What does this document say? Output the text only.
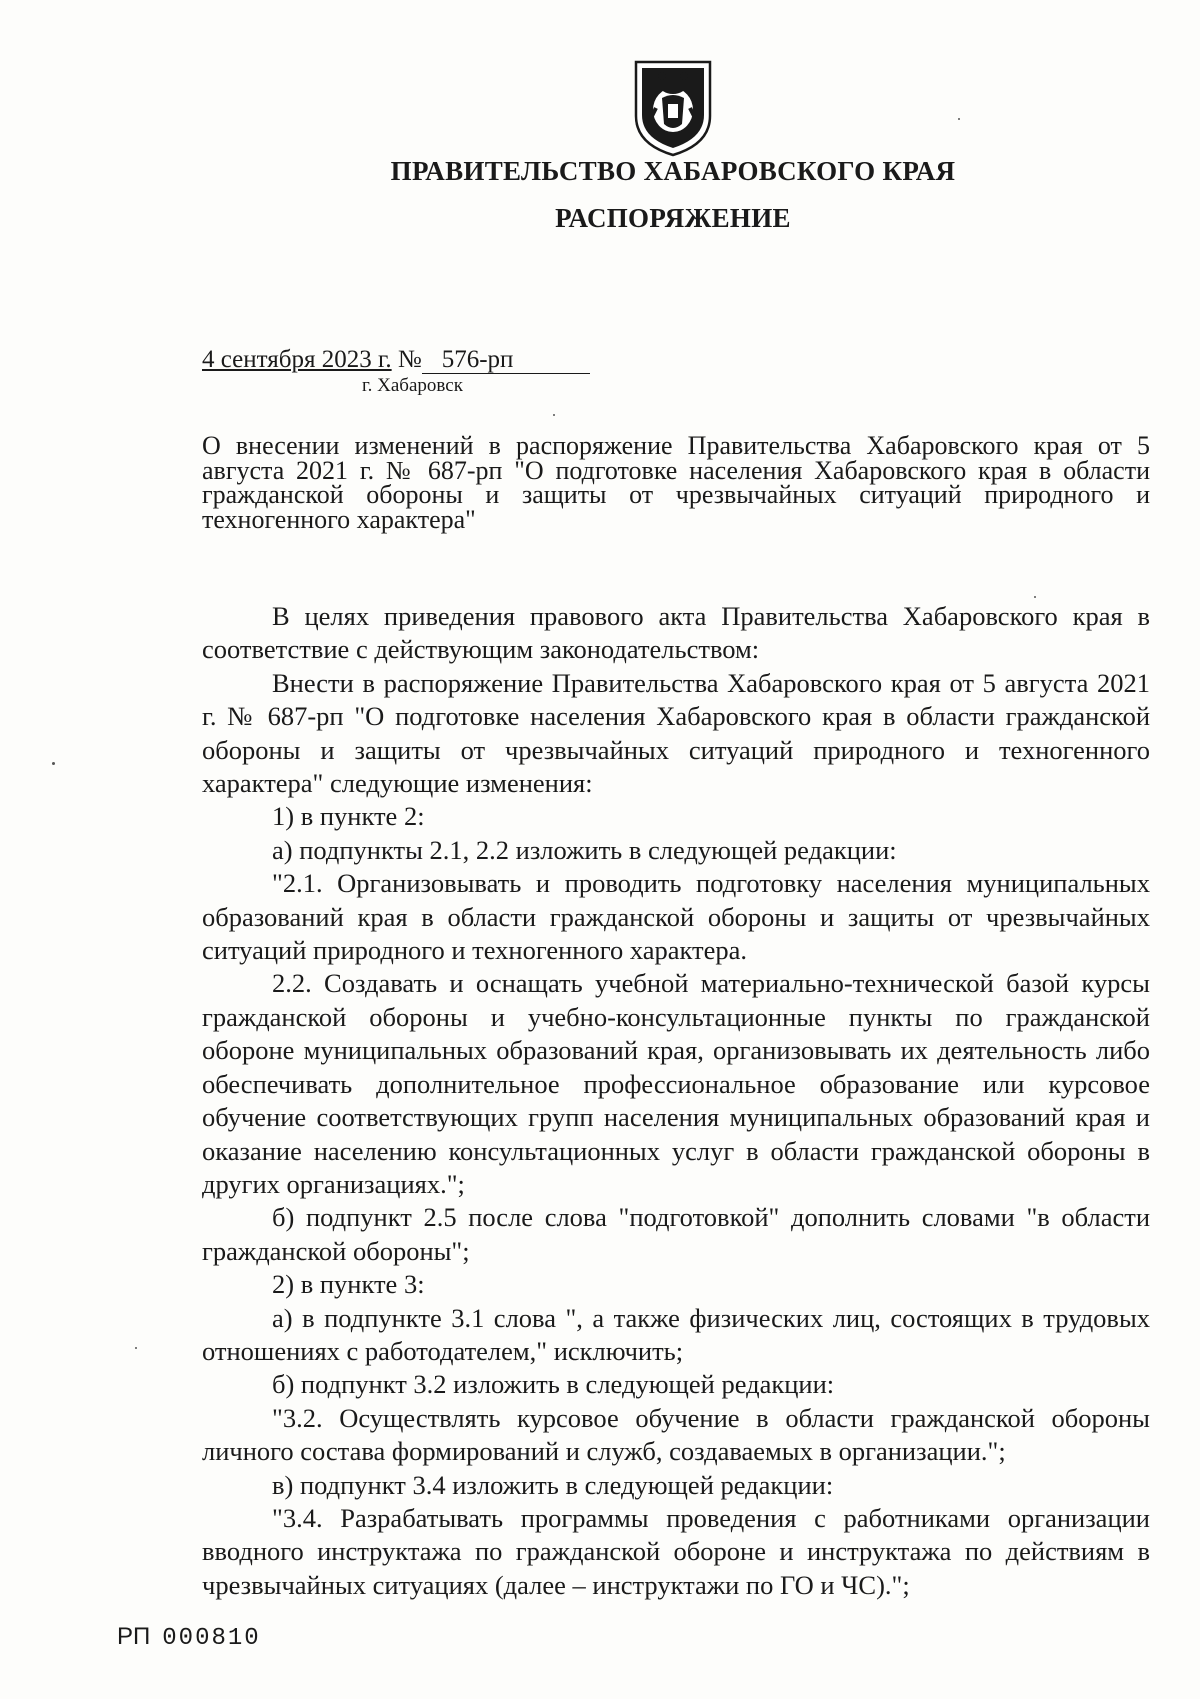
ПРАВИТЕЛЬСТВО ХАБАРОВСКОГО КРАЯ
РАСПОРЯЖЕНИЕ
4 сентября 2023 г. № 576-рп
г. Хабаровск
О внесении изменений в распоряжение Правительства Хабаровского края от 5 августа 2021 г. № 687-рп "О подготовке населения Хабаровского края в области гражданской обороны и защиты от чрезвычайных ситуаций природного и техногенного характера"

В целях приведения правового акта Правительства Хабаровского края в соответствие с действующим законодательством:

Внести в распоряжение Правительства Хабаровского края от 5 августа 2021 г. № 687-рп "О подготовке населения Хабаровского края в области гражданской обороны и защиты от чрезвычайных ситуаций природного и техногенного характера" следующие изменения:

1) в пункте 2:

а) подпункты 2.1, 2.2 изложить в следующей редакции:

"2.1. Организовывать и проводить подготовку населения муниципальных образований края в области гражданской обороны и защиты от чрезвычайных ситуаций природного и техногенного характера.

2.2. Создавать и оснащать учебной материально-технической базой курсы гражданской обороны и учебно-консультационные пункты по гражданской обороне муниципальных образований края, организовывать их деятельность либо обеспечивать дополнительное профессиональное образование или курсовое обучение соответствующих групп населения муниципальных образований края и оказание населению консультационных услуг в области гражданской обороны в других организациях.";

б) подпункт 2.5 после слова "подготовкой" дополнить словами "в области гражданской обороны";

2) в пункте 3:

а) в подпункте 3.1 слова ", а также физических лиц, состоящих в трудовых отношениях с работодателем," исключить;

б) подпункт 3.2 изложить в следующей редакции:

"3.2. Осуществлять курсовое обучение в области гражданской обороны личного состава формирований и служб, создаваемых в организации.";

в) подпункт 3.4 изложить в следующей редакции:

"3.4. Разрабатывать программы проведения с работниками организации вводного инструктажа по гражданской обороне и инструктажа по действиям в чрезвычайных ситуациях (далее – инструктажи по ГО и ЧС).";

РП 000810
